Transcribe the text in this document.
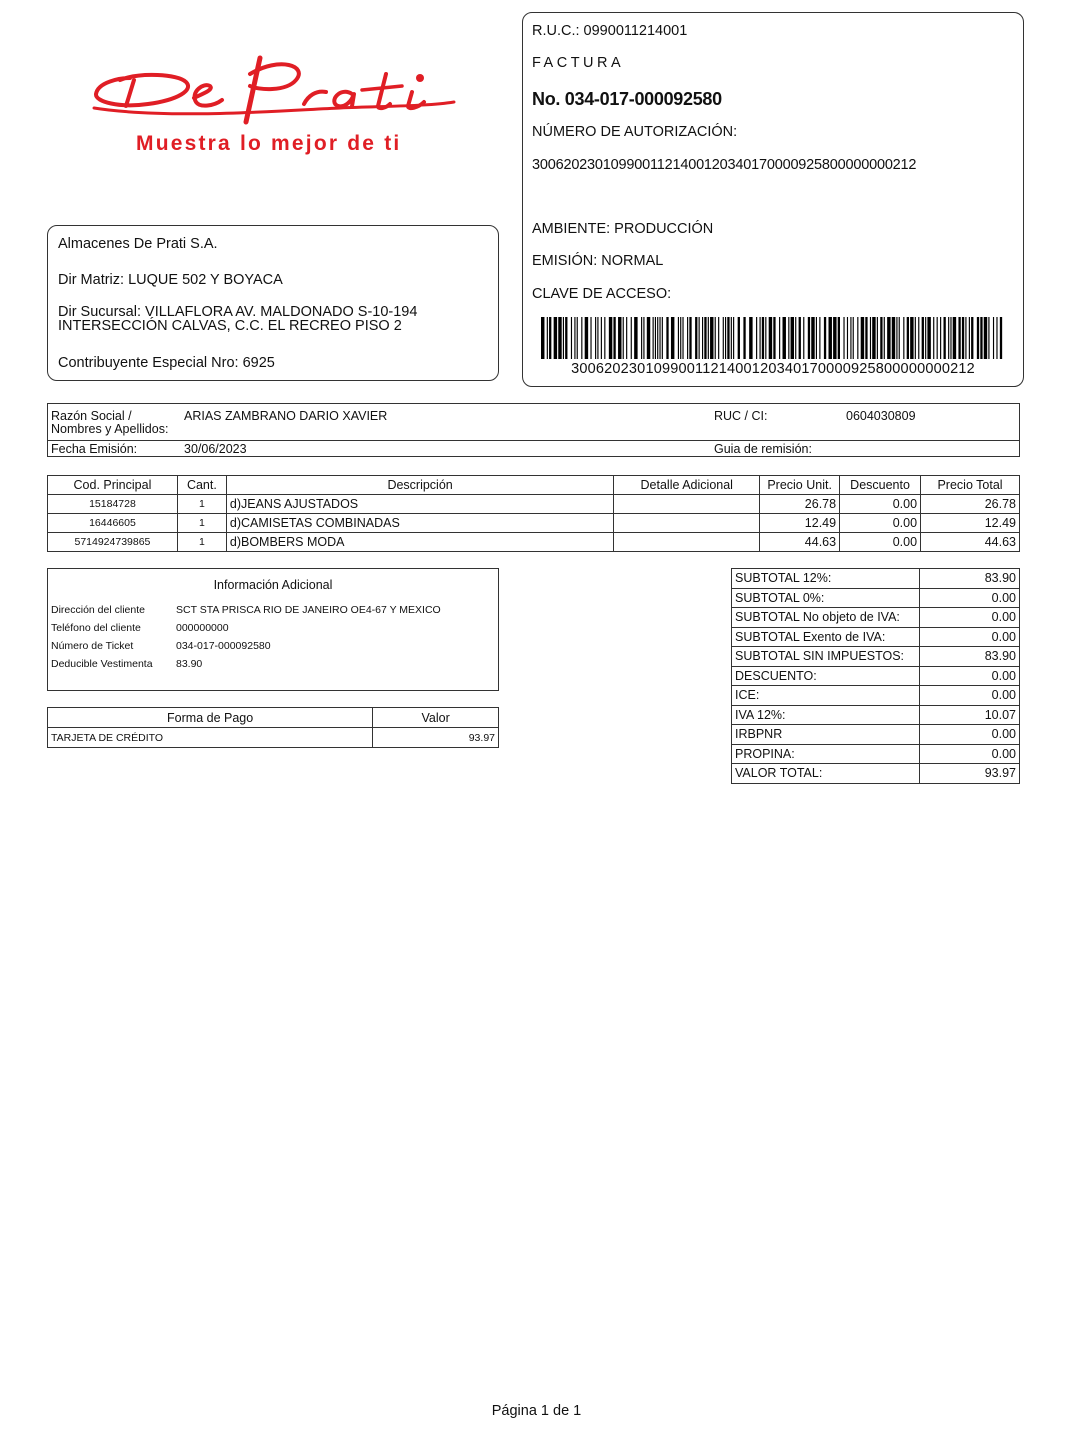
Muestra lo mejor de ti
Almacenes De Prati S.A.
Dir Matriz: LUQUE 502 Y BOYACA
Dir Sucursal: VILLAFLORA AV. MALDONADO S-10-194
INTERSECCIÓN CALVAS, C.C. EL RECREO PISO 2
Contribuyente Especial Nro: 6925
R.U.C.: 0990011214001
FACTURA
No. 034-017-000092580
NÚMERO DE AUTORIZACIÓN:
3006202301099001121400120340170000925800000000212
AMBIENTE: PRODUCCIÓN
EMISIÓN: NORMAL
CLAVE DE ACCESO:
3006202301099001121400120340170000925800000000212
Razón Social /
Nombres y Apellidos:
ARIAS ZAMBRANO DARIO XAVIER	RUC / CI:	0604030809
Fecha Emisión:	30/06/2023	Guia de remisión:
Cod. Principal	Cant.	Descripción	Detalle Adicional	Precio Unit.	Descuento	Precio Total
15184728	1	d)JEANS AJUSTADOS		26.78	0.00	26.78
16446605	1	d)CAMISETAS COMBINADAS		12.49	0.00	12.49
5714924739865	1	d)BOMBERS MODA		44.63	0.00	44.63
Información Adicional
Dirección del cliente	SCT STA PRISCA RIO DE JANEIRO OE4-67 Y MEXICO
Teléfono del cliente	000000000
Número de Ticket	034-017-000092580
Deducible Vestimenta 83.90
Forma de Pago	Valor
TARJETA DE CRÉDITO	93.97
SUBTOTAL 12%:	83.90
SUBTOTAL 0%:	0.00
SUBTOTAL No objeto de IVA:	0.00
SUBTOTAL Exento de IVA:	0.00
SUBTOTAL SIN IMPUESTOS:	83.90
DESCUENTO:	0.00
ICE:	0.00
IVA 12%:	10.07
IRBPNR	0.00
PROPINA:	0.00
VALOR TOTAL:	93.97
Página 1 de 1
